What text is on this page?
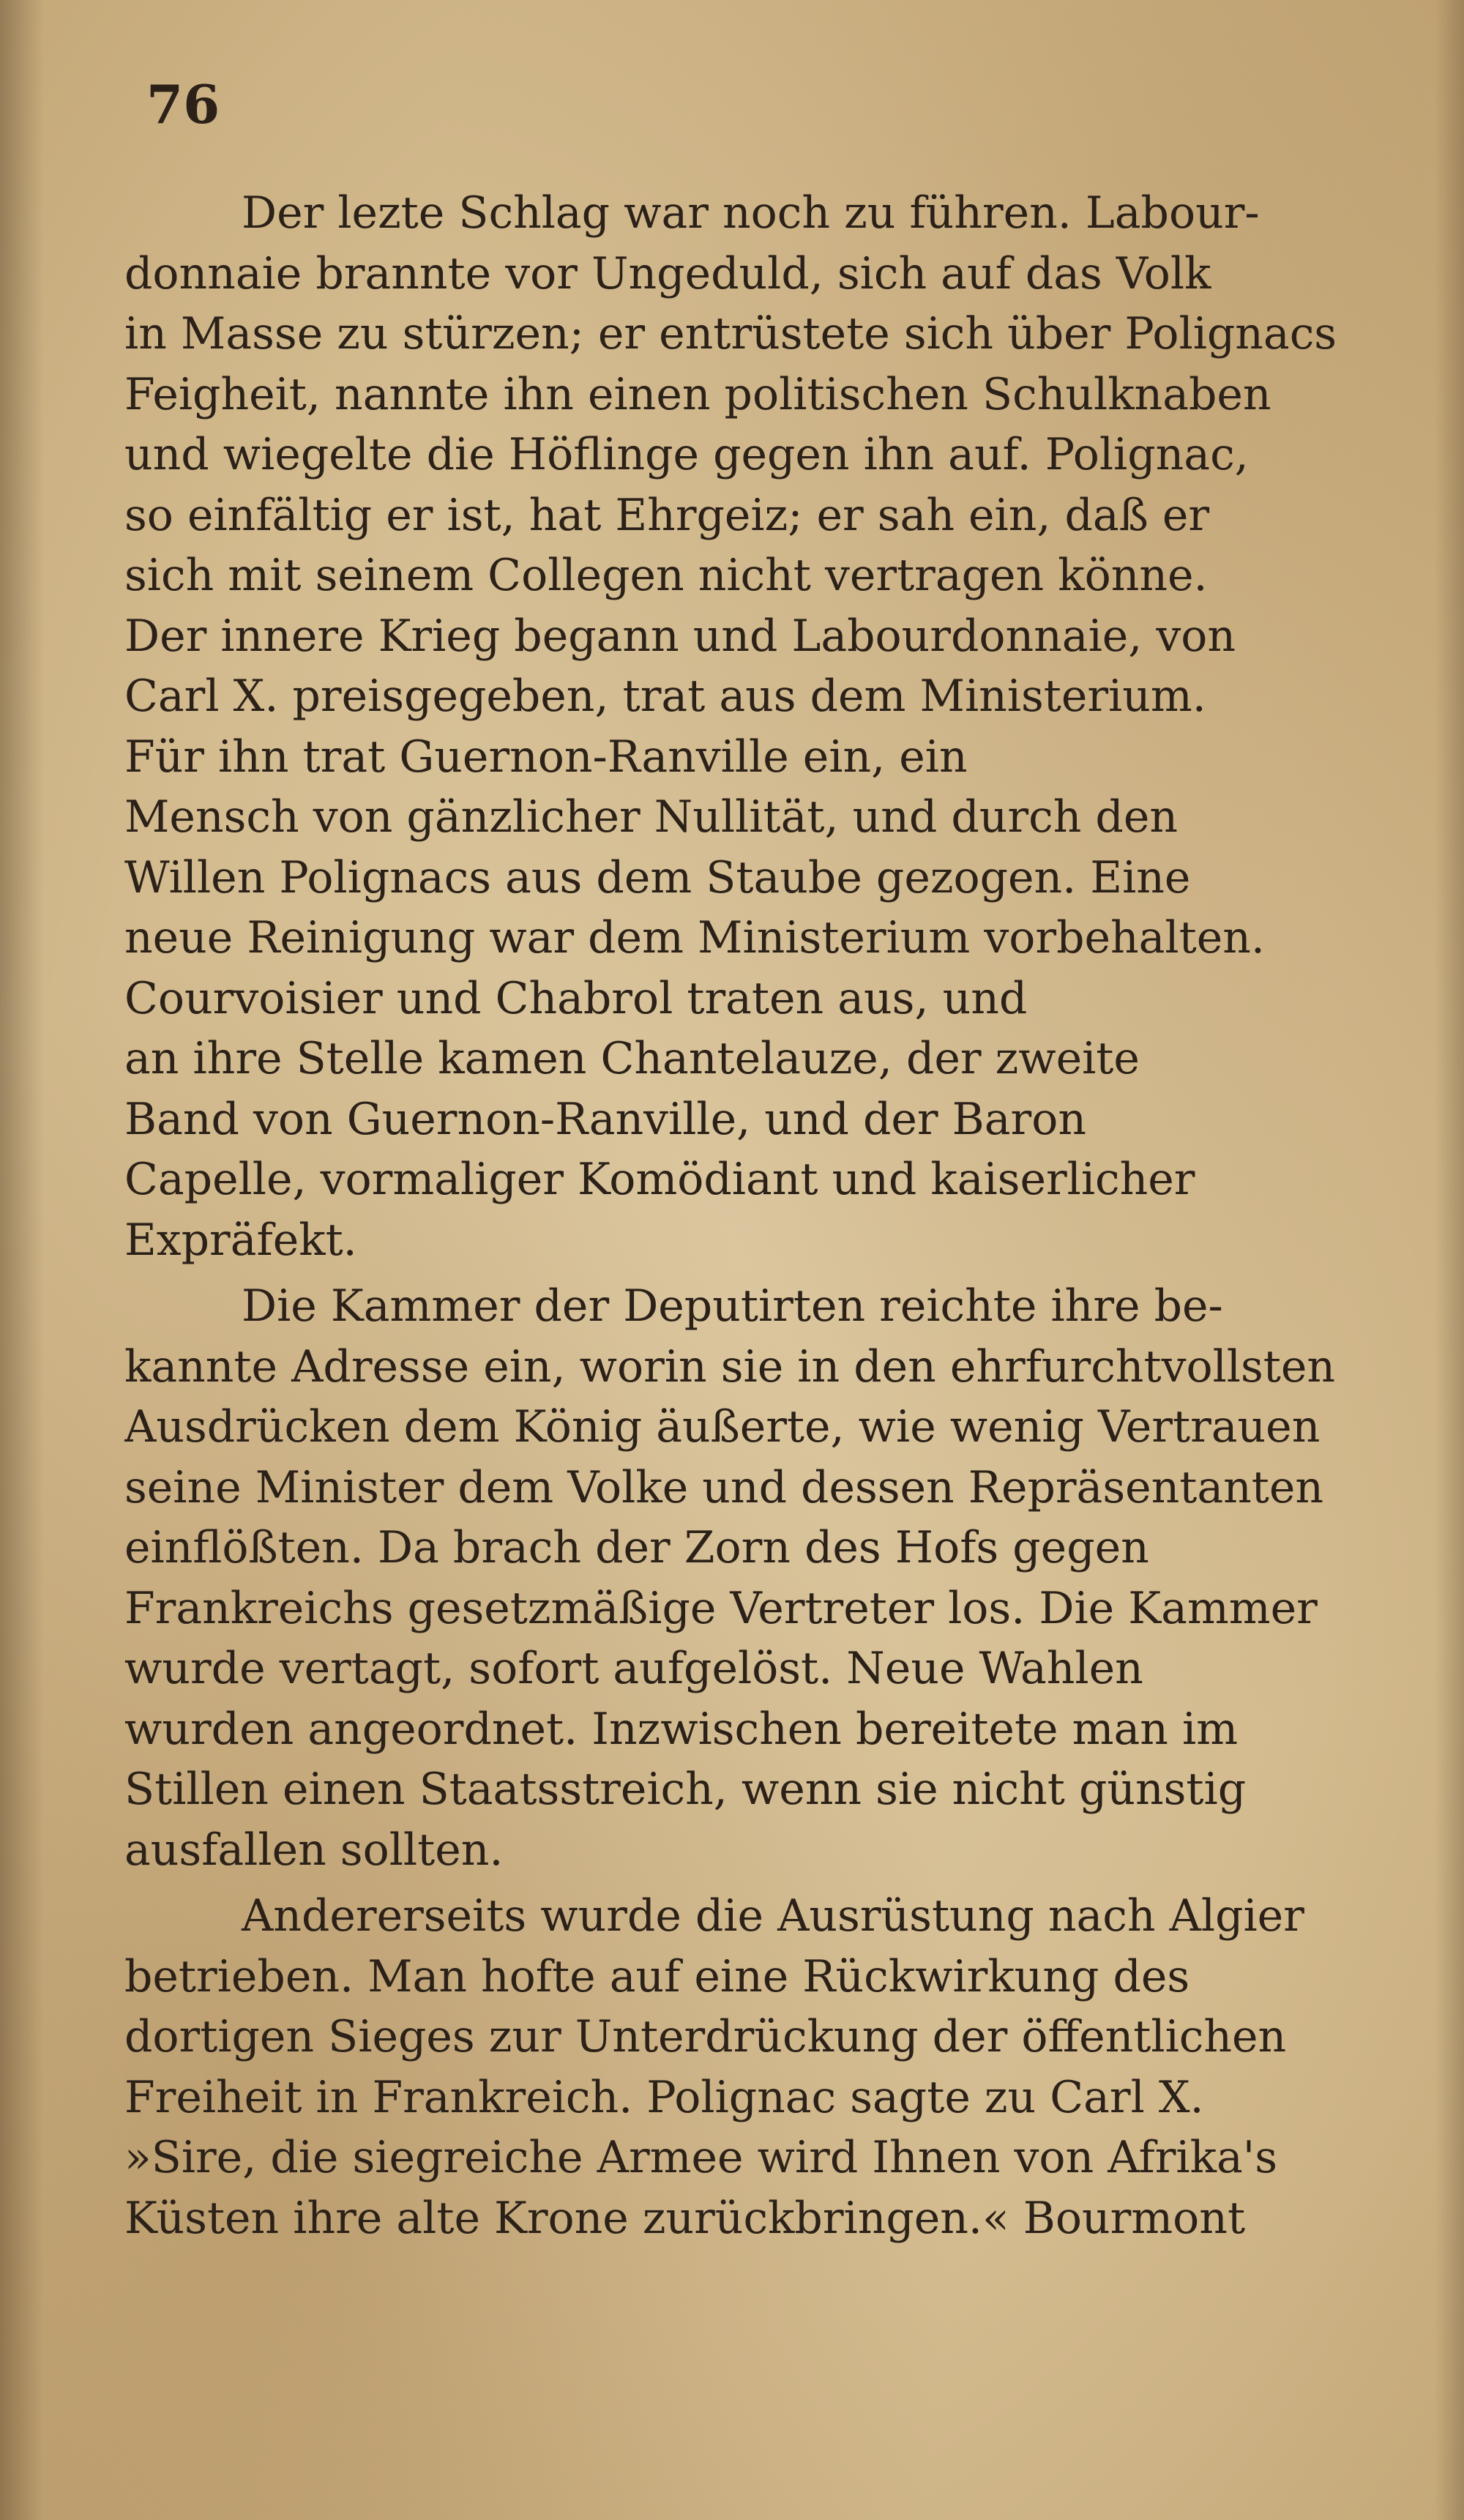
76
Der lezte Schlag war noch zu führen. Labour-
donnaie brannte vor Ungeduld, sich auf das Volk
in Masse zu stürzen; er entrüstete sich über Polignacs
Feigheit, nannte ihn einen politischen Schulknaben
und wiegelte die Höflinge gegen ihn auf. Polignac,
so einfältig er ist, hat Ehrgeiz; er sah ein, daß er
sich mit seinem Collegen nicht vertragen könne.
Der innere Krieg begann und Labourdonnaie, von
Carl X. preisgegeben, trat aus dem Ministerium.
Für ihn trat Guernon-Ranville ein, ein
Mensch von gänzlicher Nullität, und durch den
Willen Polignacs aus dem Staube gezogen. Eine
neue Reinigung war dem Ministerium vorbehalten.
Courvoisier und Chabrol traten aus, und
an ihre Stelle kamen Chantelauze, der zweite
Band von Guernon-Ranville, und der Baron
Capelle, vormaliger Komödiant und kaiserlicher
Expräfekt.
Die Kammer der Deputirten reichte ihre be-
kannte Adresse ein, worin sie in den ehrfurchtvollsten
Ausdrücken dem König äußerte, wie wenig Vertrauen
seine Minister dem Volke und dessen Repräsentanten
einflößten. Da brach der Zorn des Hofs gegen
Frankreichs gesetzmäßige Vertreter los. Die Kammer
wurde vertagt, sofort aufgelöst. Neue Wahlen
wurden angeordnet. Inzwischen bereitete man im
Stillen einen Staatsstreich, wenn sie nicht günstig
ausfallen sollten.
Andererseits wurde die Ausrüstung nach Algier
betrieben. Man hofte auf eine Rückwirkung des
dortigen Sieges zur Unterdrückung der öffentlichen
Freiheit in Frankreich. Polignac sagte zu Carl X.
»Sire, die siegreiche Armee wird Ihnen von Afrika's
Küsten ihre alte Krone zurückbringen.« Bourmont
